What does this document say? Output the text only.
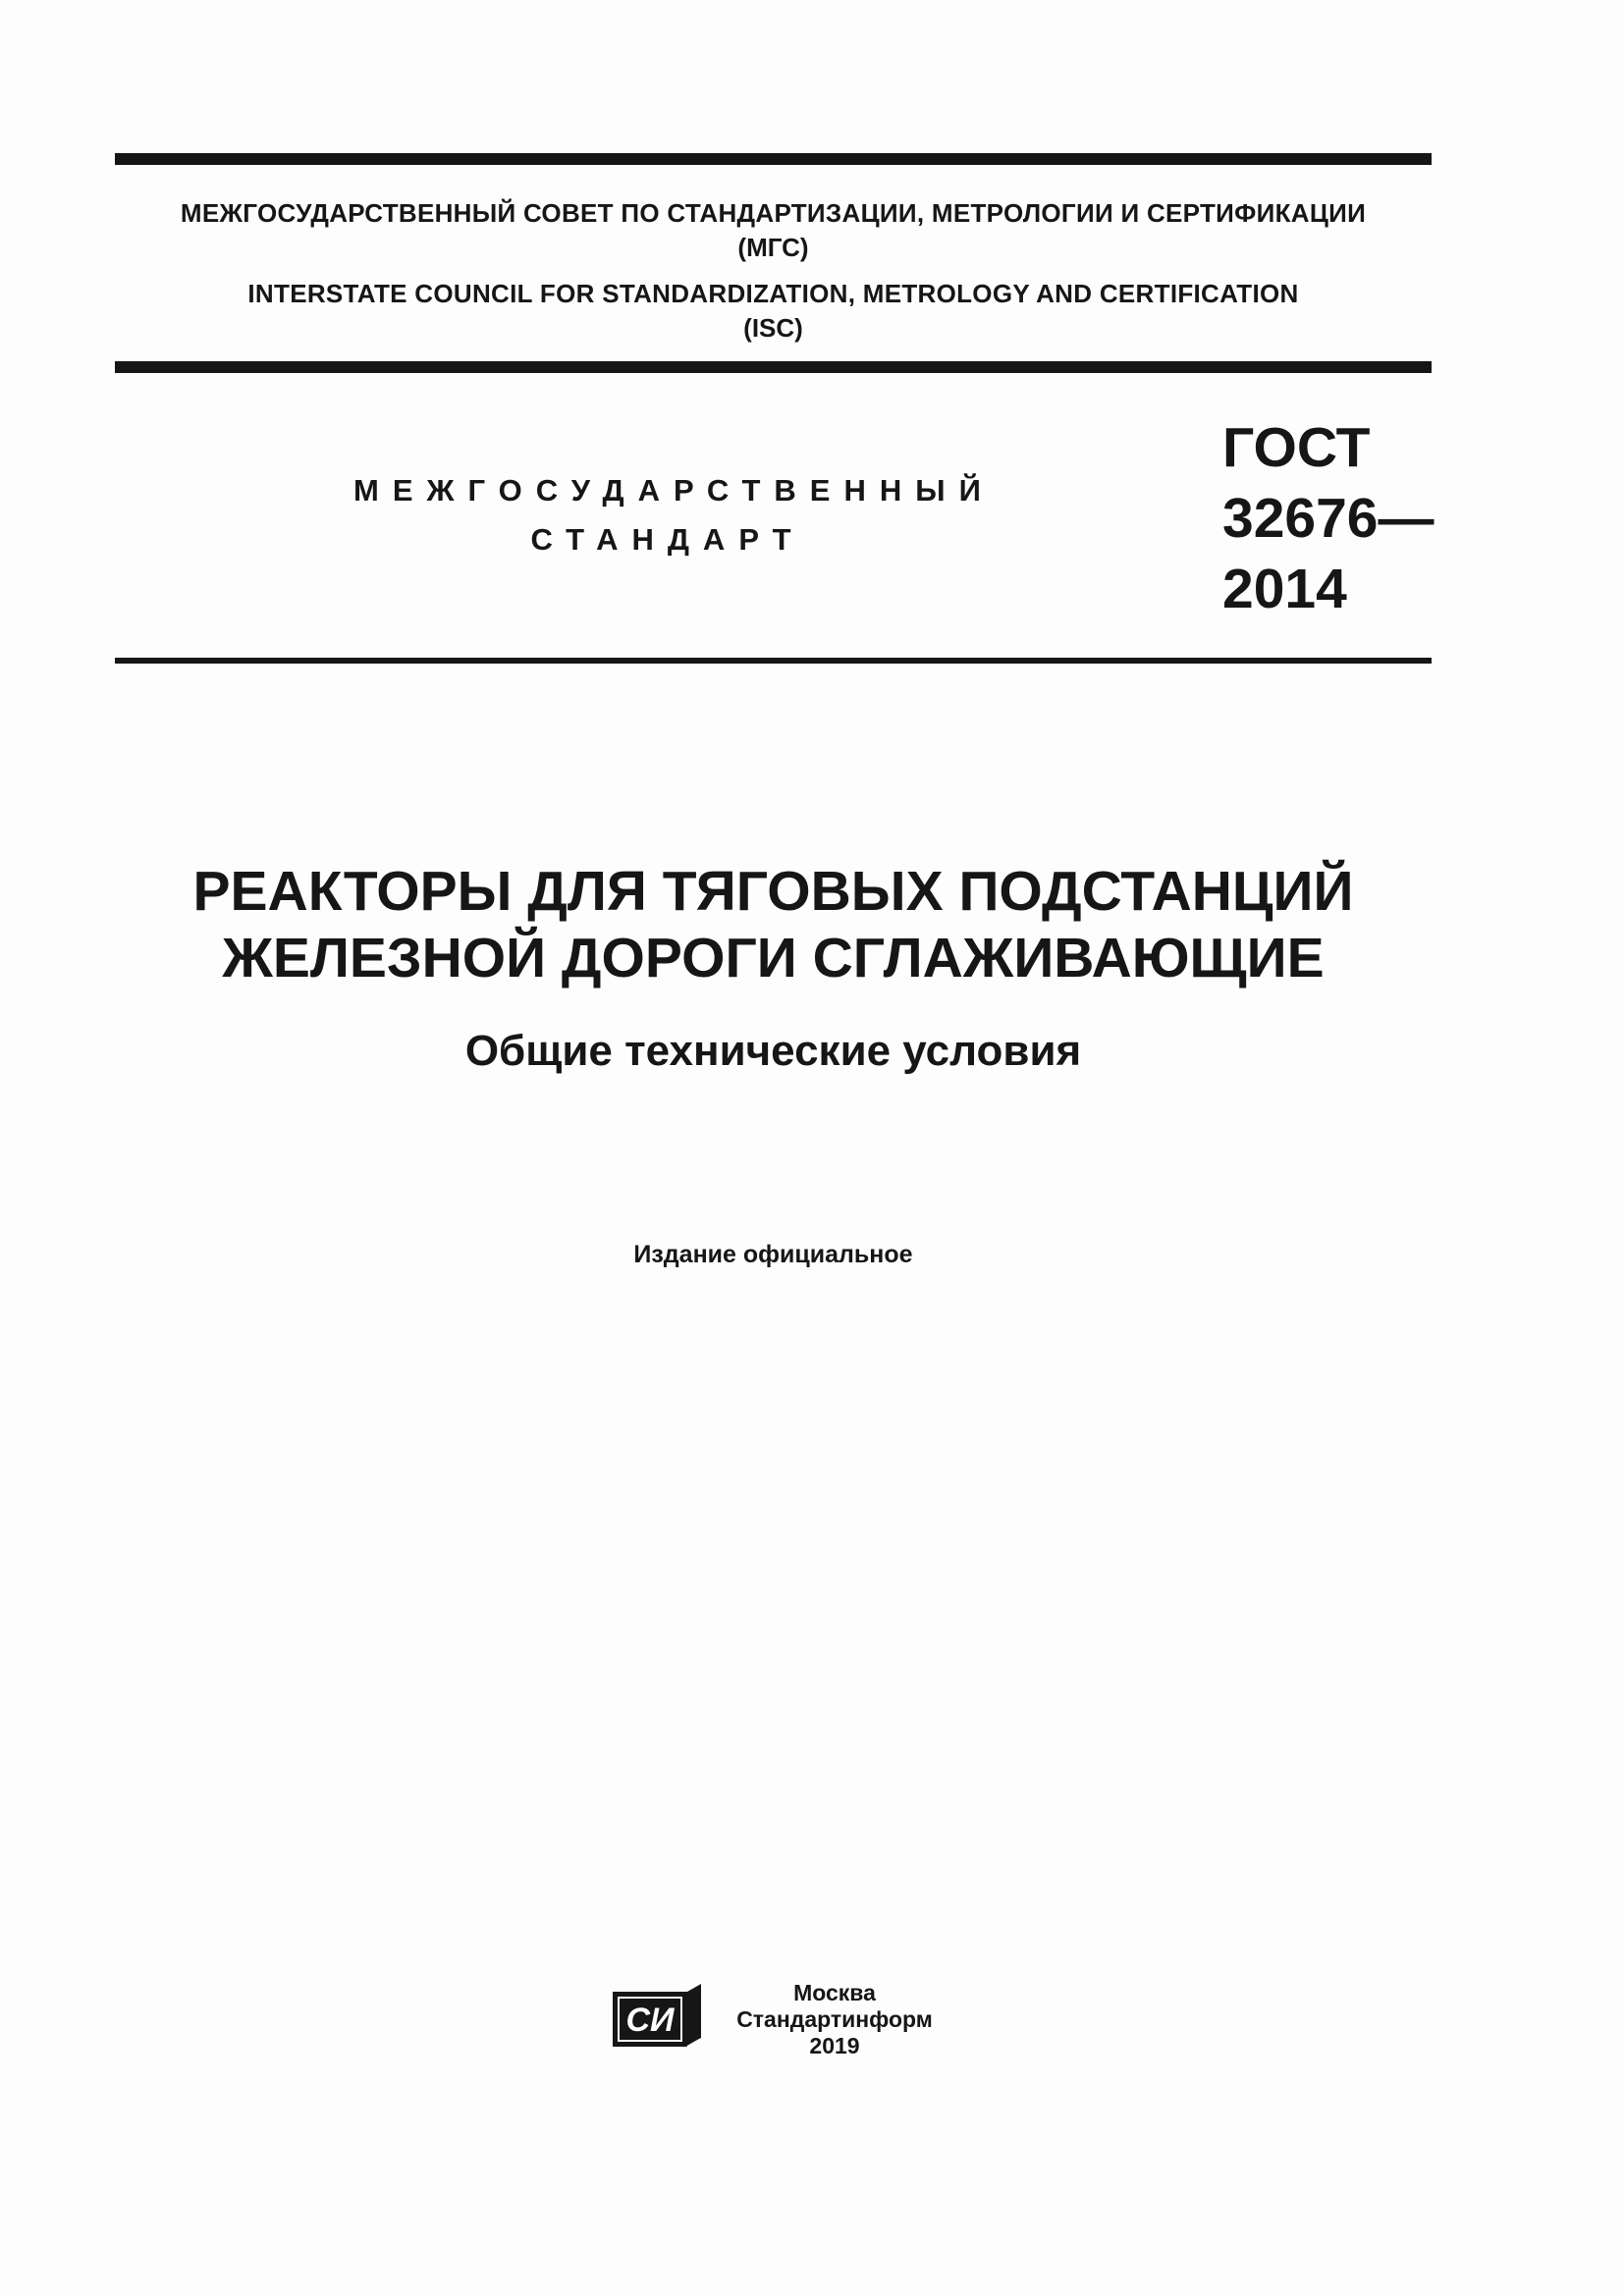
МЕЖГОСУДАРСТВЕННЫЙ СОВЕТ ПО СТАНДАРТИЗАЦИИ, МЕТРОЛОГИИ И СЕРТИФИКАЦИИ
(МГС)
INTERSTATE COUNCIL FOR STANDARDIZATION, METROLOGY AND CERTIFICATION
(ISC)
МЕЖГОСУДАРСТВЕННЫЙ
СТАНДАРТ
ГОСТ
32676—
2014
РЕАКТОРЫ ДЛЯ ТЯГОВЫХ ПОДСТАНЦИЙ
ЖЕЛЕЗНОЙ ДОРОГИ СГЛАЖИВАЮЩИЕ
Общие технические условия
Издание официальное
СИ
Москва
Стандартинформ
2019
